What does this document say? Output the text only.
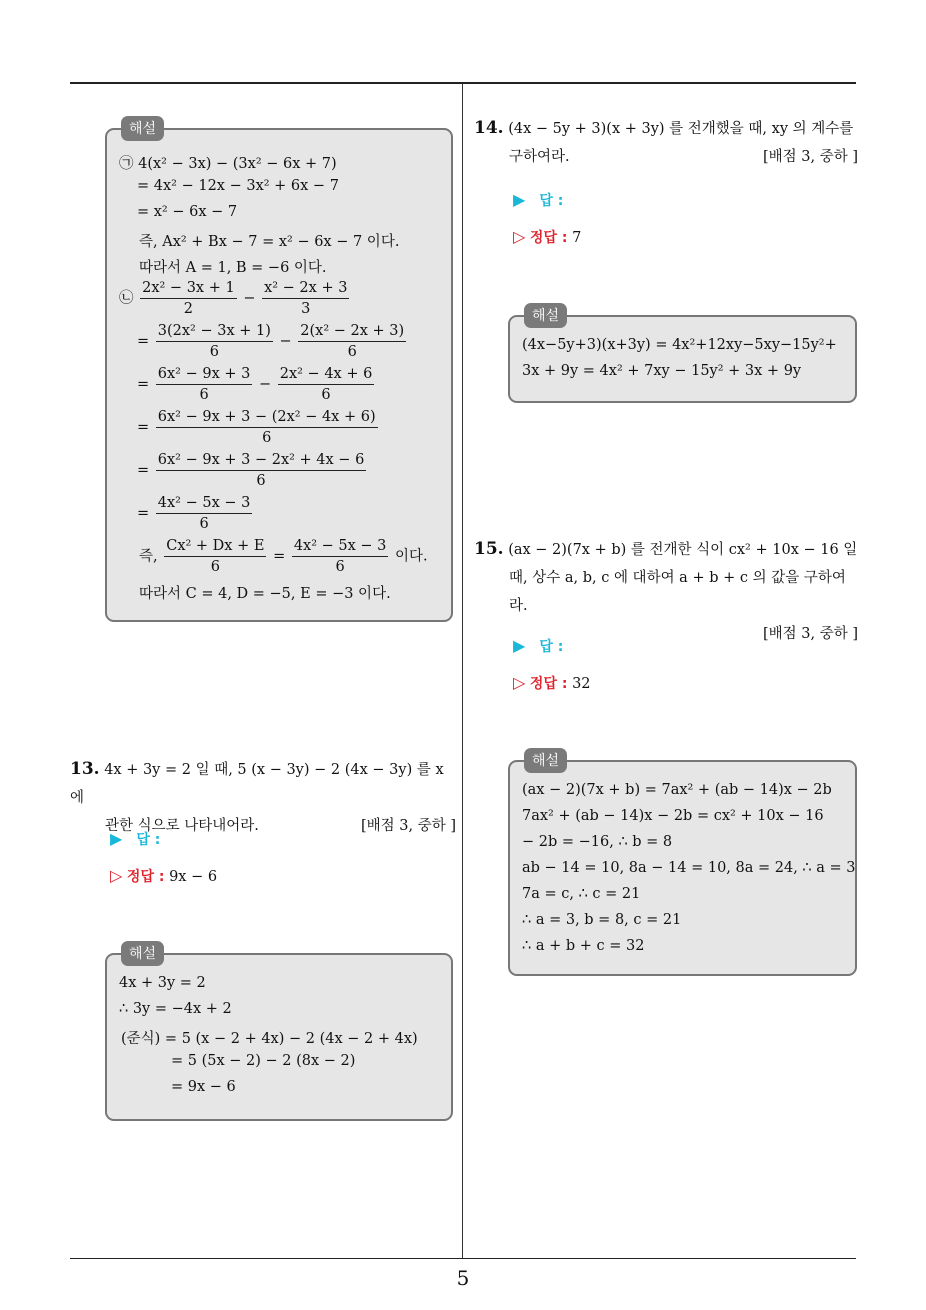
해설
㉠ 4(x² − 3x) − (3x² − 6x + 7)
= 4x² − 12x − 3x² + 6x − 7
= x² − 6x − 7
즉, Ax² + Bx − 7 = x² − 6x − 7 이다.
따라서 A = 1, B = −6 이다.
㉡ $\frac{\text{2x² − 3x + 1}}{2} - \frac{\text{x² − 2x + 3}}{3}$
= $\frac{\text{3(2x² − 3x + 1)}}{6} - \frac{\text{2(x² − 2x + 3)}}{6}$
= $\frac{\text{6x² − 9x + 3}}{6} - \frac{\text{2x² − 4x + 6}}{6}$
= $\frac{\text{6x² − 9x + 3 − (2x² − 4x + 6)}}{6}$
= $\frac{\text{6x² − 9x + 3 − 2x² + 4x − 6}}{6}$
= $\frac{\text{4x² − 5x − 3}}{6}$
즉, $\frac{\text{Cx² + Dx + E}}{6} = \frac{\text{4x² − 5x − 3}}{6}$ 이다.
따라서 C = 4, D = −5, E = −3 이다.
13. 4x + 3y = 2 일 때, 5 (x − 3y) − 2 (4x − 3y) 를 x 에
관한 식으로 나타내어라.	[배점 3, 중하 ]
▶ 답 :
▷ 정답 : 9x − 6
해설
4x + 3y = 2
∴ 3y = −4x + 2
(준식) = 5 (x − 2 + 4x) − 2 (4x − 2 + 4x)
= 5 (5x − 2) − 2 (8x − 2)
= 9x − 6
14. (4x − 5y + 3)(x + 3y) 를 전개했을 때, xy 의 계수를
구하여라.	[배점 3, 중하 ]
▶ 답 :
▷ 정답 : 7
해설
(4x−5y+3)(x+3y) = 4x²+12xy−5xy−15y²+
3x + 9y = 4x² + 7xy − 15y² + 3x + 9y
15. (ax − 2)(7x + b) 를 전개한 식이 cx² + 10x − 16 일
때, 상수 a, b, c 에 대하여 a + b + c 의 값을 구하여라.
[배점 3, 중하 ]
▶ 답 :
▷ 정답 : 32
해설
(ax − 2)(7x + b) = 7ax² + (ab − 14)x − 2b
7ax² + (ab − 14)x − 2b = cx² + 10x − 16
− 2b = −16, ∴ b = 8
ab − 14 = 10, 8a − 14 = 10, 8a = 24, ∴ a = 3
7a = c, ∴ c = 21
∴ a = 3, b = 8, c = 21
∴ a + b + c = 32
5
